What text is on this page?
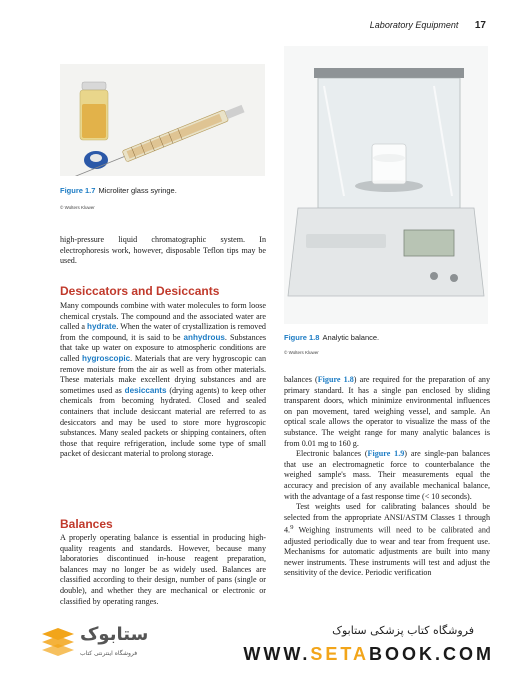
Laboratory Equipment 17
Figure 1.7 Microliter glass syringe.
© Wolters Kluwer
Figure 1.8 Analytic balance.
© Wolters Kluwer

high-pressure liquid chromatographic system. In electrophoresis work, however, disposable Teflon tips may be used.

Desiccators and Desiccants

Many compounds combine with water molecules to form loose chemical crystals. The compound and the associated water are called a hydrate. When the water of crystallization is removed from the compound, it is said to be anhydrous. Substances that take up water on exposure to atmospheric conditions are called hygroscopic. Materials that are very hygroscopic can remove moisture from the air as well as from other materials. These materials make excellent drying substances and are sometimes used as desiccants (drying agents) to keep other chemicals from becoming hydrated. Closed and sealed containers that include desiccant material are referred to as desiccators and may be used to store more hygroscopic substances. Many sealed packets or shipping containers, often those that require refrigeration, include some type of small packet of desiccant material to prolong storage.

Balances

A properly operating balance is essential in producing high-quality reagents and standards. However, because many laboratories discontinued in-house reagent preparation, balances may no longer be as widely used. Balances are classified according to their design, number of pans (single or double), and whether they are mechanical or electronic or classified by operating ranges.

balances (Figure 1.8) are required for the preparation of any primary standard. It has a single pan enclosed by sliding transparent doors, which minimize environmental influences on pan movement, tared weighing vessel, and sample. An optical scale allows the operator to visualize the mass of the substance. The weight range for many analytic balances is from 0.01 mg to 160 g.

Electronic balances (Figure 1.9) are single-pan balances that use an electromagnetic force to counterbalance the weighed sample's mass. Their measurements equal the accuracy and precision of any available mechanical balance, with the advantage of a fast response time (< 10 seconds).

Test weights used for calibrating balances should be selected from the appropriate ANSI/ASTM Classes 1 through 4.$^9$ Weighing instruments will need to be calibrated and adjusted periodically due to wear and tear from frequent use. Mechanisms for automatic adjustments are built into many newer instruments. These instruments will test and adjust the sensitivity of the device. Periodic verification

ستابوک
فروشگاه اینترنتی کتاب
فروشگاه کتاب پزشکی ستابوک
WWW.SETABOOK.COM
